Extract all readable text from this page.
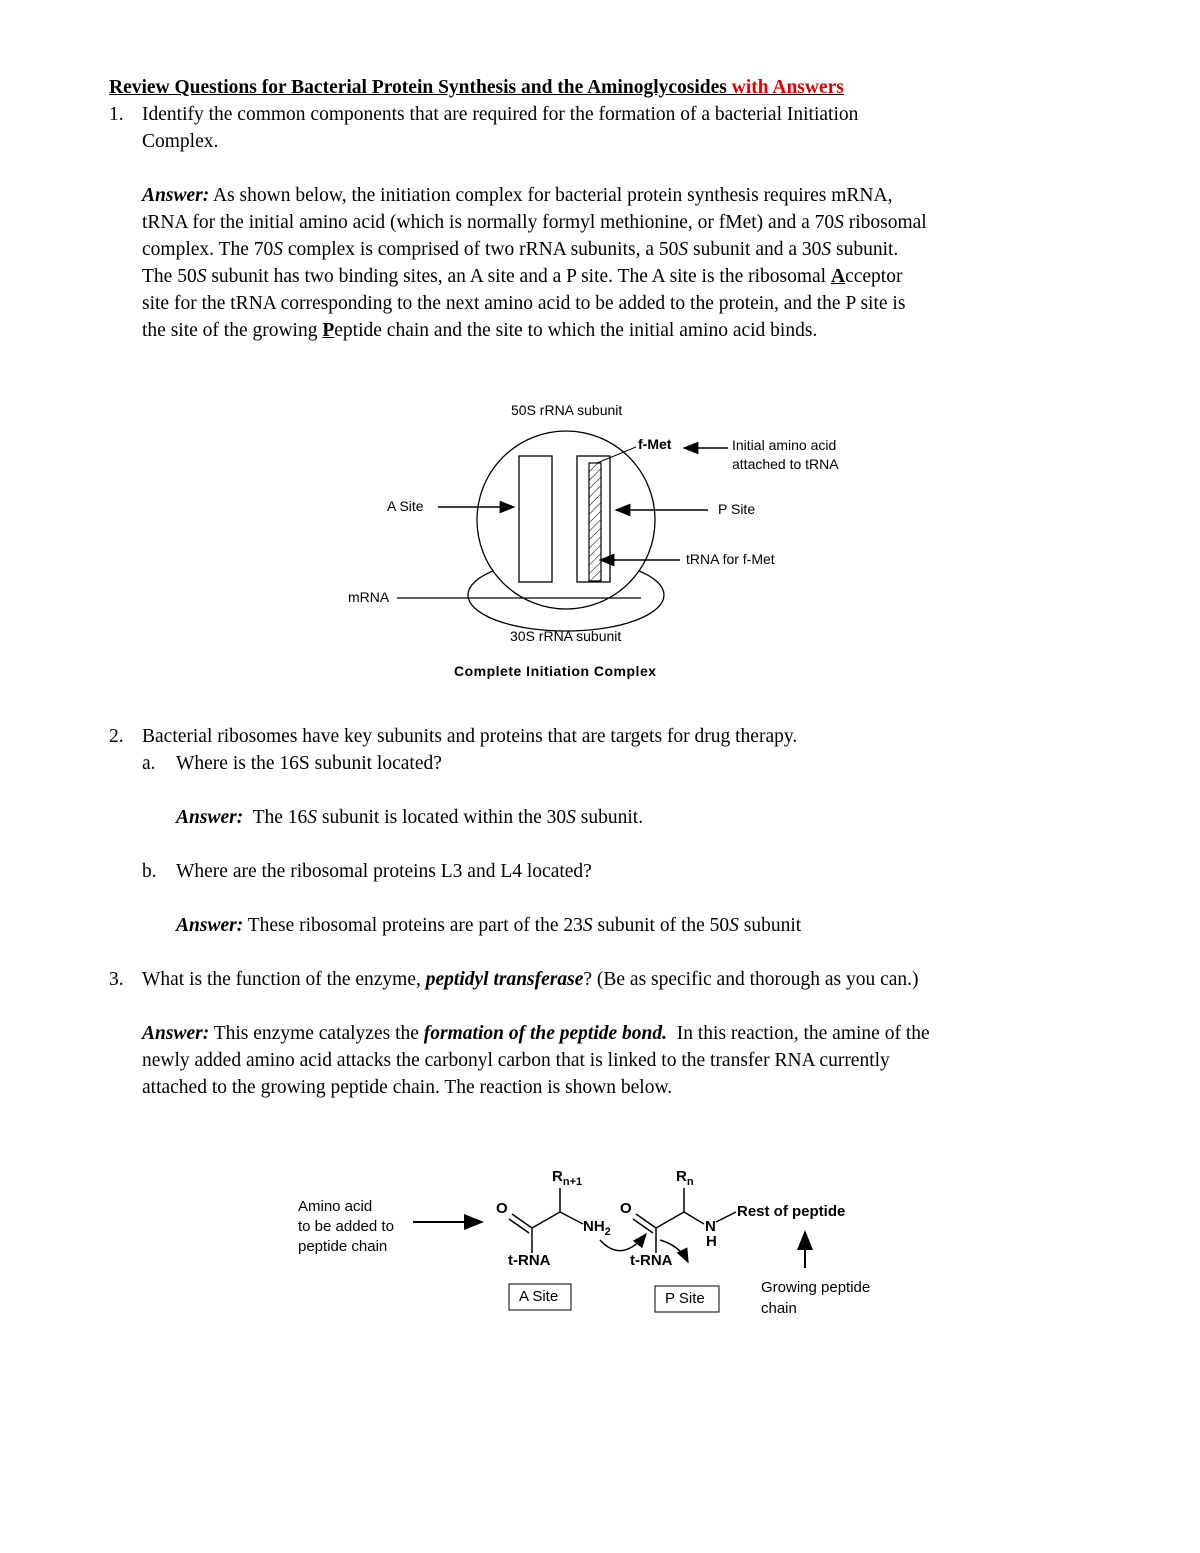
Review Questions for Bacterial Protein Synthesis and the Aminoglycosides with Answers
1. Identify the common components that are required for the formation of a bacterial Initiation
Complex.
Answer: As shown below, the initiation complex for bacterial protein synthesis requires mRNA,
tRNA for the initial amino acid (which is normally formyl methionine, or fMet) and a 70S ribosomal
complex. The 70S complex is comprised of two rRNA subunits, a 50S subunit and a 30S subunit.
The 50S subunit has two binding sites, an A site and a P site. The A site is the ribosomal Acceptor
site for the tRNA corresponding to the next amino acid to be added to the protein, and the P site is
the site of the growing Peptide chain and the site to which the initial amino acid binds.
50S rRNA subunit
f-Met	Initial amino acid
attached to tRNA
A Site	P Site
tRNA for f-Met
mRNA
30S rRNA subunit
Complete Initiation Complex
2. Bacterial ribosomes have key subunits and proteins that are targets for drug therapy.
a. Where is the 16S subunit located?
Answer:  The 16S subunit is located within the 30S subunit.
b. Where are the ribosomal proteins L3 and L4 located?
Answer: These ribosomal proteins are part of the 23S subunit of the 50S subunit
3. What is the function of the enzyme, peptidyl transferase? (Be as specific and thorough as you can.)
Answer: This enzyme catalyzes the formation of the peptide bond.  In this reaction, the amine of the
newly added amino acid attacks the carbonyl carbon that is linked to the transfer RNA currently
attached to the growing peptide chain. The reaction is shown below.
Amino acid
to be added to
peptide chain
$R_{n+1}$	$R_n$
O	O
$NH_2$	N
H
Rest of peptide
t-RNA	t-RNA
A Site	P Site
Growing peptide
chain
